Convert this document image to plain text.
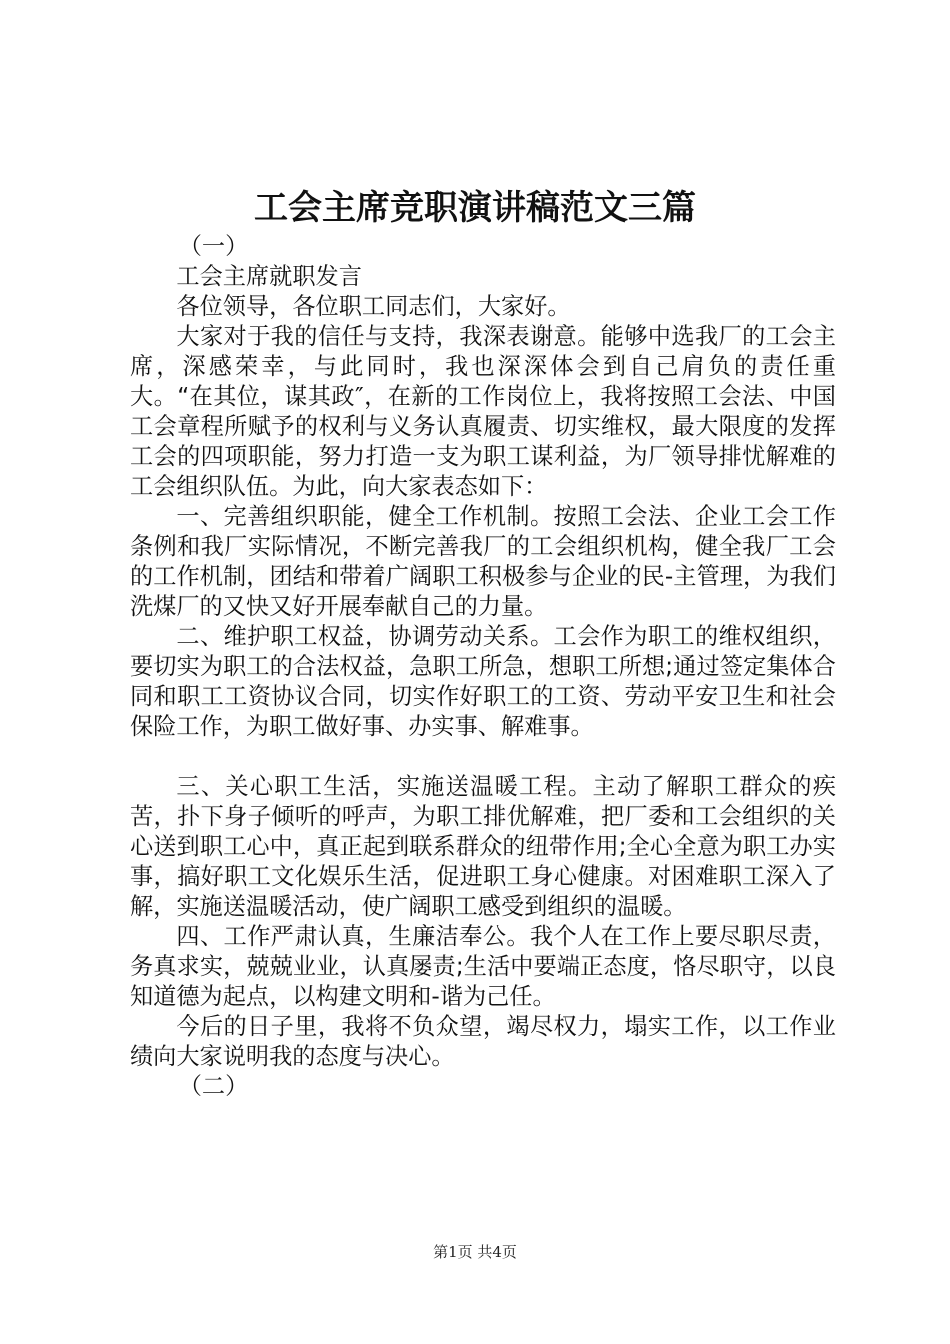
工会主席竞职演讲稿范文三篇

（一）

工会主席就职发言

各位领导，各位职工同志们，大家好。

大家对于我的信任与支持，我深表谢意。能够中选我厂的工会主席，深感荣幸，与此同时，我也深深体会到自己肩负的责任重大。“在其位，谋其政″，在新的工作岗位上，我将按照工会法、中国工会章程所赋予的权利与义务认真履责、切实维权，最大限度的发挥工会的四项职能，努力打造一支为职工谋利益，为厂领导排忧解难的工会组织队伍。为此，向大家表态如下：

一、完善组织职能，健全工作机制。按照工会法、企业工会工作条例和我厂实际情况，不断完善我厂的工会组织机构，健全我厂工会的工作机制，团结和带着广阔职工积极参与企业的民-主管理，为我们洗煤厂的又快又好开展奉献自己的力量。

二、维护职工权益，协调劳动关系。工会作为职工的维权组织，要切实为职工的合法权益，急职工所急，想职工所想;通过签定集体合同和职工工资协议合同，切实作好职工的工资、劳动平安卫生和社会保险工作，为职工做好事、办实事、解难事。

三、关心职工生活，实施送温暖工程。主动了解职工群众的疾苦，扑下身子倾听的呼声，为职工排优解难，把厂委和工会组织的关心送到职工心中，真正起到联系群众的纽带作用;全心全意为职工办实事，搞好职工文化娱乐生活，促进职工身心健康。对困难职工深入了解，实施送温暖活动，使广阔职工感受到组织的温暖。

四、工作严肃认真，生廉洁奉公。我个人在工作上要尽职尽责，务真求实，兢兢业业，认真屡责;生活中要端正态度，恪尽职守，以良知道德为起点，以构建文明和-谐为己任。

今后的日子里，我将不负众望，竭尽权力，塌实工作，以工作业绩向大家说明我的态度与决心。

（二）

第1页 共4页
